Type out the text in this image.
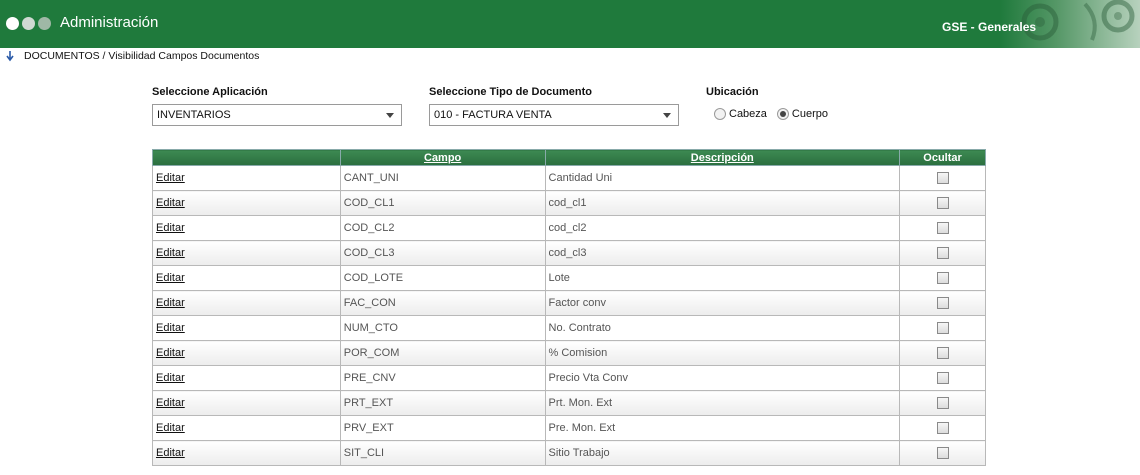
Administración	GSE - Generales
DOCUMENTOS / Visibilidad Campos Documentos
Seleccione Aplicación
INVENTARIOS
Seleccione Tipo de Documento
010 - FACTURA VENTA
Ubicación
Cabeza Cuerpo
	Campo	Descripción	Ocultar
Editar	CANT_UNI	Cantidad Uni	
Editar	COD_CL1	cod_cl1	
Editar	COD_CL2	cod_cl2	
Editar	COD_CL3	cod_cl3	
Editar	COD_LOTE	Lote	
Editar	FAC_CON	Factor conv	
Editar	NUM_CTO	No. Contrato	
Editar	POR_COM	% Comision	
Editar	PRE_CNV	Precio Vta Conv	
Editar	PRT_EXT	Prt. Mon. Ext	
Editar	PRV_EXT	Pre. Mon. Ext	
Editar	SIT_CLI	Sitio Trabajo	
